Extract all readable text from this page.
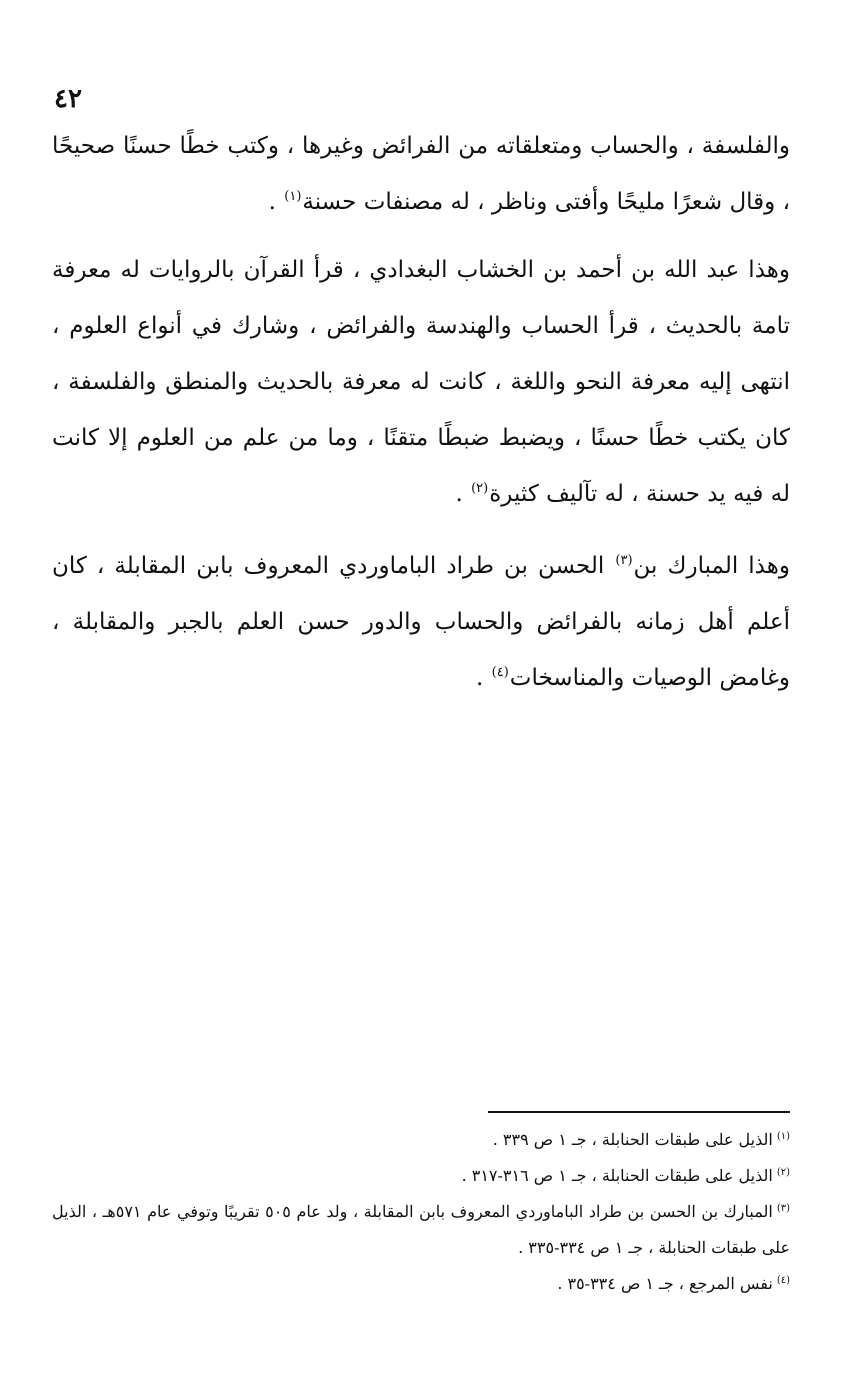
٤٢

والفلسفة ، والحساب ومتعلقاته من الفرائض وغيرها ، وكتب خطًا حسنًا صحيحًا ، وقال شعرًا مليحًا وأفتى وناظر ، له مصنفات حسنة$^{(١)}$ .

وهذا عبد الله بن أحمد بن الخشاب البغدادي ، قرأ القرآن بالروايات له معرفة تامة بالحديث ، قرأ الحساب والهندسة والفرائض ، وشارك في أنواع العلوم ، انتهى إليه معرفة النحو واللغة ، كانت له معرفة بالحديث والمنطق والفلسفة ، كان يكتب خطًا حسنًا ، ويضبط ضبطًا متقنًا ، وما من علم من العلوم إلا كانت له فيه يد حسنة ، له تآليف كثيرة$^{(٢)}$ .

وهذا المبارك بن$^{(٣)}$ الحسن بن طراد الباماوردي المعروف بابن المقابلة ، كان أعلم أهل زمانه بالفرائض والحساب والدور حسن العلم بالجبر والمقابلة ، وغامض الوصيات والمناسخات$^{(٤)}$ .

$^{(١)}$الذيل على طبقات الحنابلة ، جـ ١ ص ٣٣٩ .

$^{(٢)}$الذيل على طبقات الحنابلة ، جـ ١ ص ٣١٦-٣١٧ .

$^{(٣)}$المبارك بن الحسن بن طراد الباماوردي المعروف بابن المقابلة ، ولد عام ٥٠٥ تقريبًا وتوفي عام ٥٧١هـ ، الذيل على طبقات الحنابلة ، جـ ١ ص ٣٣٤-٣٣٥ .

$^{(٤)}$نفس المرجع ، جـ ١ ص ٣٣٤-٣٥ .
